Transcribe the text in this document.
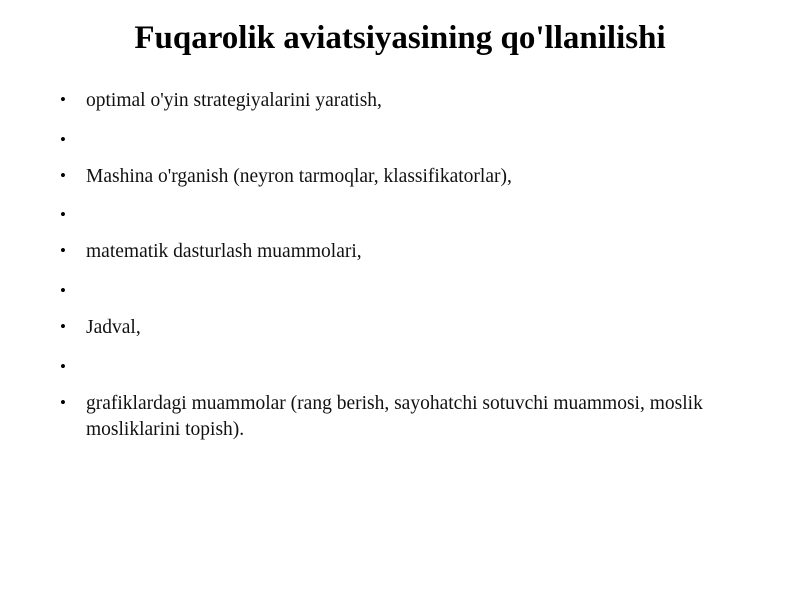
Fuqarolik aviatsiyasining qo'llanilishi
•	optimal o'yin strategiyalarini yaratish,
•
•	Mashina o'rganish (neyron tarmoqlar, klassifikatorlar),
•
•	matematik dasturlash muammolari,
•
•	Jadval,
•
•	grafiklardagi muammolar (rang berish, sayohatchi sotuvchi muammosi, moslik mosliklarini topish).
